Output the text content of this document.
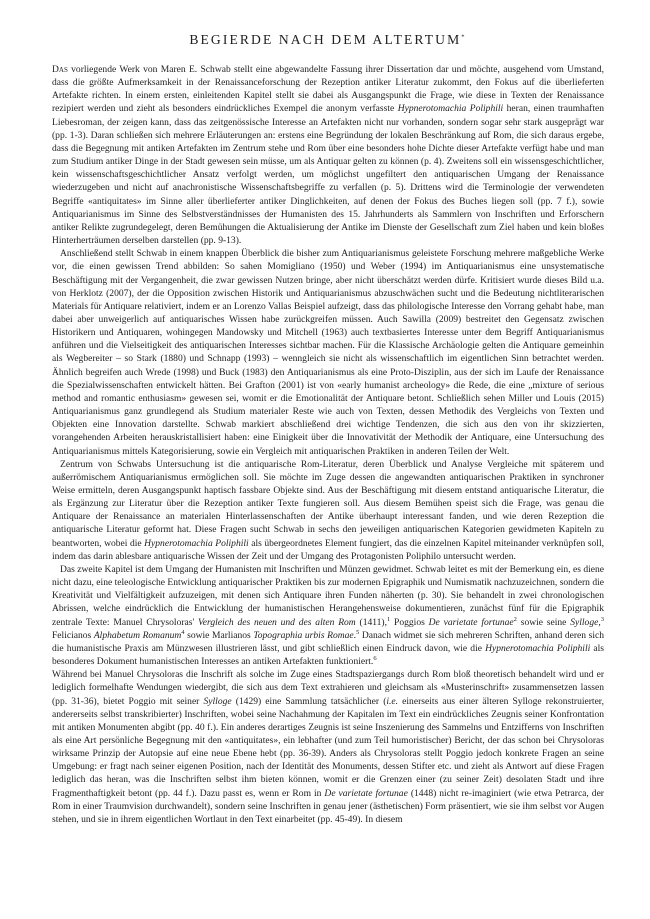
BEGIERDE NACH DEM ALTERTUM*

Das vorliegende Werk von Maren E. Schwab stellt eine abgewandelte Fassung ihrer Dissertation dar und möchte, ausgehend vom Umstand, dass die größte Aufmerksamkeit in der Renaissanceforschung der Rezeption antiker Literatur zukommt, den Fokus auf die überlieferten Artefakte richten. In einem ersten, einleitenden Kapitel stellt sie dabei als Ausgangspunkt die Frage, wie diese in Texten der Renaissance rezipiert werden und zieht als besonders eindrückliches Exempel die anonym verfasste Hypnerotomachia Poliphili heran, einen traumhaften Liebesroman, der zeigen kann, dass das zeitgenössische Interesse an Artefakten nicht nur vorhanden, sondern sogar sehr stark ausgeprägt war (pp. 1-3). Daran schließen sich mehrere Erläuterungen an: erstens eine Begründung der lokalen Beschränkung auf Rom, die sich daraus ergebe, dass die Begegnung mit antiken Artefakten im Zentrum stehe und Rom über eine besonders hohe Dichte dieser Artefakte verfügt habe und man zum Studium antiker Dinge in der Stadt gewesen sein müsse, um als Antiquar gelten zu können (p. 4). Zweitens soll ein wissensgeschichtlicher, kein wissenschaftsgeschichtlicher Ansatz verfolgt werden, um möglichst ungefiltert den antiquarischen Umgang der Renaissance wiederzugeben und nicht auf anachronistische Wissenschaftsbegriffe zu verfallen (p. 5). Drittens wird die Terminologie der verwendeten Begriffe «antiquitates» im Sinne aller überlieferter antiker Dinglichkeiten, auf denen der Fokus des Buches liegen soll (pp. 7 f.), sowie Antiquarianismus im Sinne des Selbstverständnisses der Humanisten des 15. Jahrhunderts als Sammlern von Inschriften und Erforschern antiker Relikte zugrundegelegt, deren Bemühungen die Aktualisierung der Antike im Dienste der Gesellschaft zum Ziel haben und kein bloßes Hinterherträumen derselben darstellen (pp. 9-13).

Anschließend stellt Schwab in einem knappen Überblick die bisher zum Antiquarianismus geleistete Forschung mehrere maßgebliche Werke vor, die einen gewissen Trend abbilden: So sahen Momigliano (1950) und Weber (1994) im Antiquarianismus eine unsystematische Beschäftigung mit der Vergangenheit, die zwar gewissen Nutzen bringe, aber nicht überschätzt werden dürfe. Kritisiert wurde dieses Bild u.a. von Herklotz (2007), der die Opposition zwischen Historik und Antiquarianismus abzuschwächen sucht und die Bedeutung nichtliterarischen Materials für Antiquare relativiert, indem er an Lorenzo Vallas Beispiel aufzeigt, dass das philologische Interesse den Vorrang gehabt habe, man dabei aber unweigerlich auf antiquarisches Wissen habe zurückgreifen müssen. Auch Sawilla (2009) bestreitet den Gegensatz zwischen Historikern und Antiquaren, wohingegen Mandowsky und Mitchell (1963) auch textbasiertes Interesse unter dem Begriff Antiquarianismus anführen und die Vielseitigkeit des antiquarischen Interesses sichtbar machen. Für die Klassische Archäologie gelten die Antiquare gemeinhin als Wegbereiter – so Stark (1880) und Schnapp (1993) – wenngleich sie nicht als wissenschaftlich im eigentlichen Sinn betrachtet werden. Ähnlich begreifen auch Wrede (1998) und Buck (1983) den Antiquarianismus als eine Proto-Disziplin, aus der sich im Laufe der Renaissance die Spezialwissenschaften entwickelt hätten. Bei Grafton (2001) ist von «early humanist archeology» die Rede, die eine „mixture of serious method and romantic enthusiasm» gewesen sei, womit er die Emotionalität der Antiquare betont. Schließlich sehen Miller und Louis (2015) Antiquarianismus ganz grundlegend als Studium materialer Reste wie auch von Texten, dessen Methodik des Vergleichs von Texten und Objekten eine Innovation darstellte. Schwab markiert abschließend drei wichtige Tendenzen, die sich aus den von ihr skizzierten, vorangehenden Arbeiten herauskristallisiert haben: eine Einigkeit über die Innovativität der Methodik der Antiquare, eine Untersuchung des Antiquarianismus mittels Kategorisierung, sowie ein Vergleich mit antiquarischen Praktiken in anderen Teilen der Welt.

Zentrum von Schwabs Untersuchung ist die antiquarische Rom-Literatur, deren Überblick und Analyse Vergleiche mit späterem und außerrömischem Antiquarianismus ermöglichen soll. Sie möchte im Zuge dessen die angewandten antiquarischen Praktiken in synchroner Weise ermitteln, deren Ausgangspunkt haptisch fassbare Objekte sind. Aus der Beschäftigung mit diesem entstand antiquarische Literatur, die als Ergänzung zur Literatur über die Rezeption antiker Texte fungieren soll. Aus diesem Bemühen speist sich die Frage, was genau die Antiquare der Renaissance an materialen Hinterlassenschaften der Antike überhaupt interessant fanden, und wie deren Rezeption die antiquarische Literatur geformt hat. Diese Fragen sucht Schwab in sechs den jeweiligen antiquarischen Kategorien gewidmeten Kapiteln zu beantworten, wobei die Hypnerotomachia Poliphili als übergeordnetes Element fungiert, das die einzelnen Kapitel miteinander verknüpfen soll, indem das darin ablesbare antiquarische Wissen der Zeit und der Umgang des Protagonisten Poliphilo untersucht werden.

Das zweite Kapitel ist dem Umgang der Humanisten mit Inschriften und Münzen gewidmet. Schwab leitet es mit der Bemerkung ein, es diene nicht dazu, eine teleologische Entwicklung antiquarischer Praktiken bis zur modernen Epigraphik und Numismatik nachzuzeichnen, sondern die Kreativität und Vielfältigkeit aufzuzeigen, mit denen sich Antiquare ihren Funden näherten (p. 30). Sie behandelt in zwei chronologischen Abrissen, welche eindrücklich die Entwicklung der humanistischen Herangehensweise dokumentieren, zunächst fünf für die Epigraphik zentrale Texte: Manuel Chrysoloras' Vergleich des neuen und des alten Rom (1411),$^1$ Poggios De varietate fortunae$^2$ sowie seine Sylloge,$^3$ Felicianos Alphabetum Romanum$^4$ sowie Marlianos Topographia urbis Romae.$^5$ Danach widmet sie sich mehreren Schriften, anhand deren sich die humanistische Praxis am Münzwesen illustrieren lässt, und gibt schließlich einen Eindruck davon, wie die Hypnerotomachia Poliphili als besonderes Dokument humanistischen Interesses an antiken Artefakten funktioniert.$^6$

Während bei Manuel Chrysoloras die Inschrift als solche im Zuge eines Stadtspaziergangs durch Rom bloß theoretisch behandelt wird und er lediglich formelhafte Wendungen wiedergibt, die sich aus dem Text extrahieren und gleichsam als «Musterinschrift» zusammensetzen lassen (pp. 31-36), bietet Poggio mit seiner Sylloge (1429) eine Sammlung tatsächlicher (i.e. einerseits aus einer älteren Sylloge rekonstruierter, andererseits selbst transkribierter) Inschriften, wobei seine Nachahmung der Kapitalen im Text ein eindrückliches Zeugnis seiner Konfrontation mit antiken Monumenten abgibt (pp. 40 f.). Ein anderes derartiges Zeugnis ist seine Inszenierung des Sammelns und Entzifferns von Inschriften als eine Art persönliche Begegnung mit den «antiquitates», ein lebhafter (und zum Teil humoristischer) Bericht, der das schon bei Chrysoloras wirksame Prinzip der Autopsie auf eine neue Ebene hebt (pp. 36-39). Anders als Chrysoloras stellt Poggio jedoch konkrete Fragen an seine Umgebung: er fragt nach seiner eigenen Position, nach der Identität des Monuments, dessen Stifter etc. und zieht als Antwort auf diese Fragen lediglich das heran, was die Inschriften selbst ihm bieten können, womit er die Grenzen einer (zu seiner Zeit) desolaten Stadt und ihre Fragmenthaftigkeit betont (pp. 44 f.). Dazu passt es, wenn er Rom in De varietate fortunae (1448) nicht re-imaginiert (wie etwa Petrarca, der Rom in einer Traumvision durchwandelt), sondern seine Inschriften in genau jener (ästhetischen) Form präsentiert, wie sie ihm selbst vor Augen stehen, und sie in ihrem eigentlichen Wortlaut in den Text einarbeitet (pp. 45-49). In diesem
